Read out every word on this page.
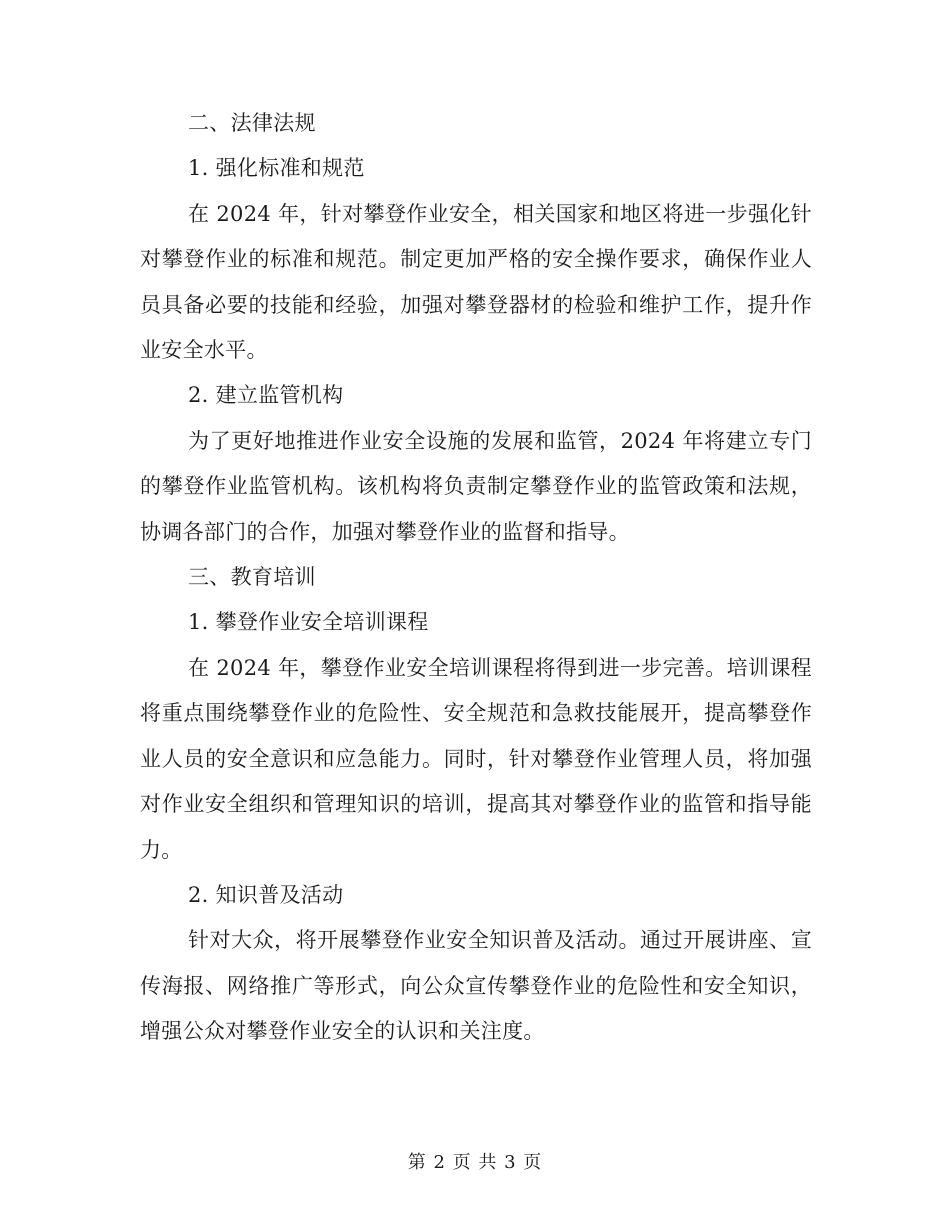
二、法律法规

1. 强化标准和规范

在 2024 年，针对攀登作业安全，相关国家和地区将进一步强化针对攀登作业的标准和规范。制定更加严格的安全操作要求，确保作业人员具备必要的技能和经验，加强对攀登器材的检验和维护工作，提升作业安全水平。

2. 建立监管机构

为了更好地推进作业安全设施的发展和监管，2024 年将建立专门的攀登作业监管机构。该机构将负责制定攀登作业的监管政策和法规，协调各部门的合作，加强对攀登作业的监督和指导。

三、教育培训

1. 攀登作业安全培训课程

在 2024 年，攀登作业安全培训课程将得到进一步完善。培训课程将重点围绕攀登作业的危险性、安全规范和急救技能展开，提高攀登作业人员的安全意识和应急能力。同时，针对攀登作业管理人员，将加强对作业安全组织和管理知识的培训，提高其对攀登作业的监管和指导能力。

2. 知识普及活动

针对大众，将开展攀登作业安全知识普及活动。通过开展讲座、宣传海报、网络推广等形式，向公众宣传攀登作业的危险性和安全知识，增强公众对攀登作业安全的认识和关注度。

第 2 页 共 3 页
